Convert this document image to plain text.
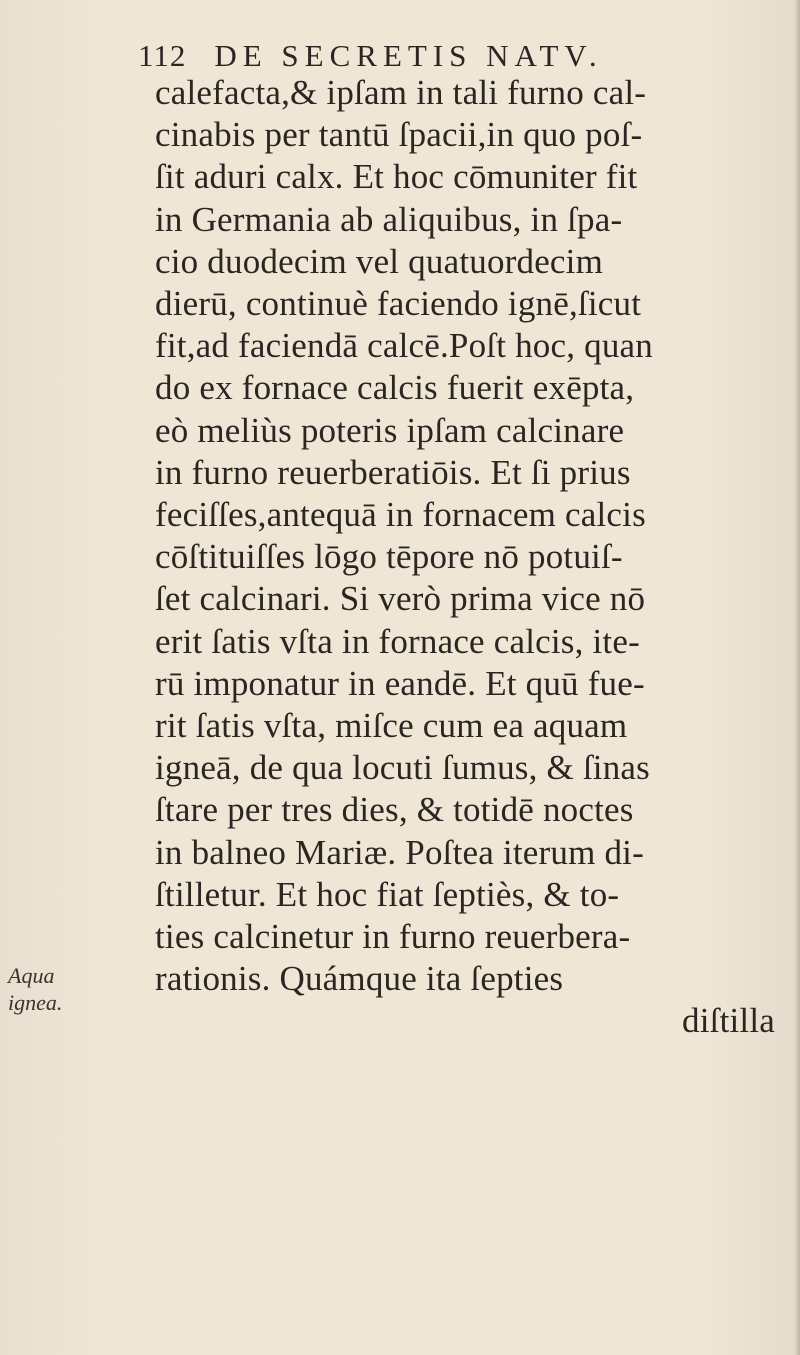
112 DE SECRETIS NATV.
calefacta,& ipſam in tali furno cal-
cinabis per tantū ſpacii,in quo poſ-
ſit aduri calx. Et hoc cōmuniter fit
in Germania ab aliquibus, in ſpa-
cio duodecim vel quatuordecim
dierū, continuè faciendo ignē,ſicut
fit,ad faciendā calcē.Poſt hoc, quan
do ex fornace calcis fuerit exēpta,
eò meliùs poteris ipſam calcinare
in furno reuerberatiōis. Et ſi prius
feciſſes,antequā in fornacem calcis
cōſtituiſſes lōgo tēpore nō potuiſ-
ſet calcinari. Si verò prima vice nō
erit ſatis vſta in fornace calcis, ite-
rū imponatur in eandē. Et quū fue-
rit ſatis vſta, miſce cum ea aquam
igneā, de qua locuti ſumus, & ſinas
ſtare per tres dies, & totidē noctes
in balneo Mariæ. Poſtea iterum di-
ſtilletur. Et hoc fiat ſeptiès, & to-
ties calcinetur in furno reuerbera-
rationis. Quámque ita ſepties
diſtilla
Aqua
ignea.
